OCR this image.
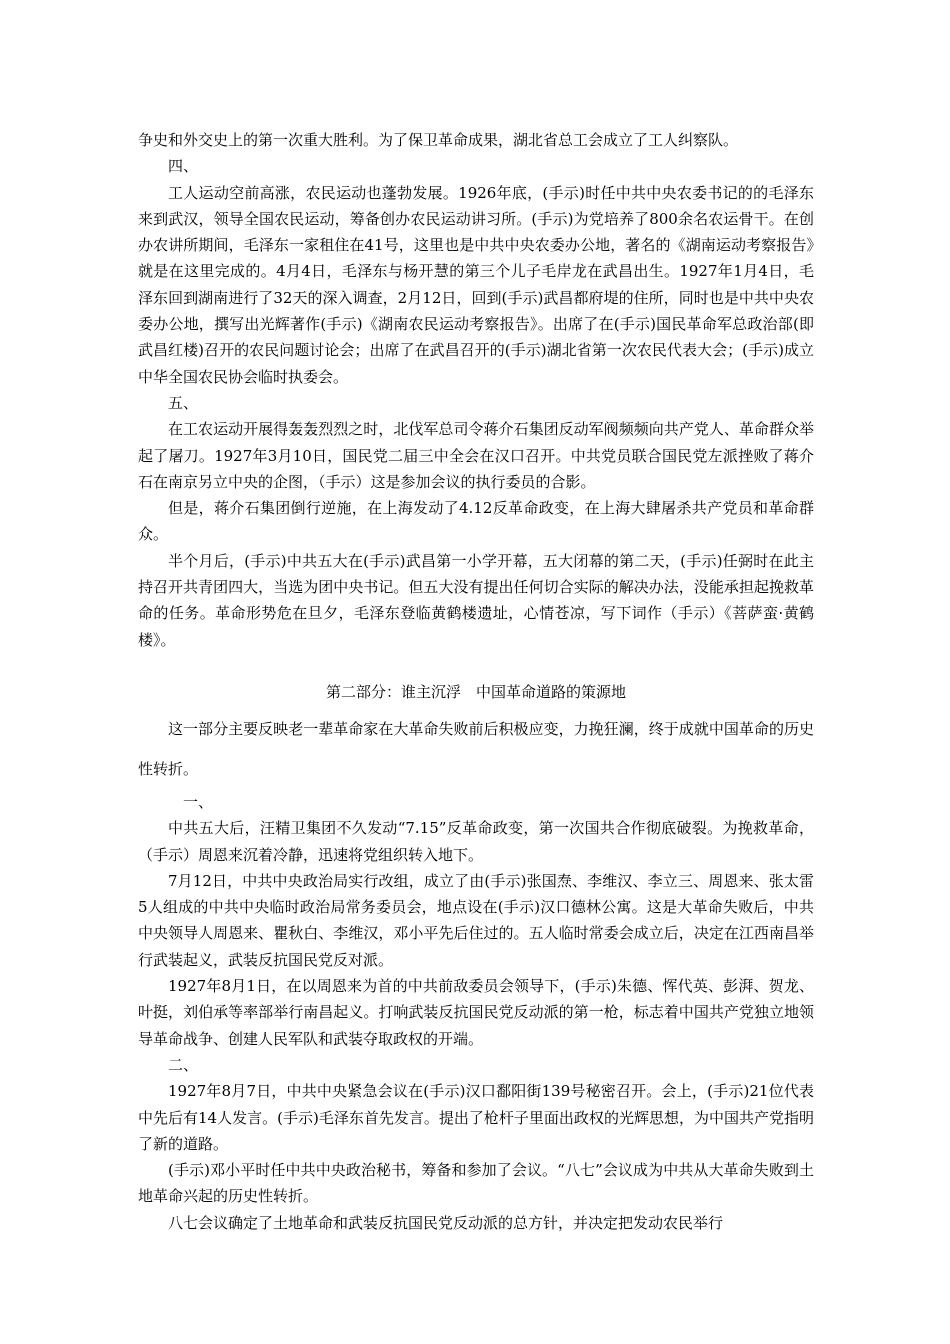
争史和外交史上的第一次重大胜利。为了保卫革命成果，湖北省总工会成立了工人纠察队。

四、

工人运动空前高涨，农民运动也蓬勃发展。1926年底，(手示)时任中共中央农委书记的的毛泽东来到武汉，领导全国农民运动，筹备创办农民运动讲习所。(手示)为党培养了800余名农运骨干。在创办农讲所期间，毛泽东一家租住在41号，这里也是中共中央农委办公地，著名的《湖南运动考察报告》就是在这里完成的。4月4日，毛泽东与杨开慧的第三个儿子毛岸龙在武昌出生。1927年1月4日，毛泽东回到湖南进行了32天的深入调查，2月12日，回到(手示)武昌都府堤的住所，同时也是中共中央农委办公地，撰写出光辉著作(手示)《湖南农民运动考察报告》。出席了在(手示)国民革命军总政治部(即武昌红楼)召开的农民问题讨论会；出席了在武昌召开的(手示)湖北省第一次农民代表大会；(手示)成立中华全国农民协会临时执委会。

五、

在工农运动开展得轰轰烈烈之时，北伐军总司令蒋介石集团反动军阀频频向共产党人、革命群众举起了屠刀。1927年3月10日，国民党二届三中全会在汉口召开。中共党员联合国民党左派挫败了蒋介石在南京另立中央的企图，（手示）这是参加会议的执行委员的合影。

但是，蒋介石集团倒行逆施，在上海发动了4.12反革命政变，在上海大肆屠杀共产党员和革命群众。

半个月后，(手示)中共五大在(手示)武昌第一小学开幕，五大闭幕的第二天，(手示)任弼时在此主持召开共青团四大，当选为团中央书记。但五大没有提出任何切合实际的解决办法，没能承担起挽救革命的任务。革命形势危在旦夕，毛泽东登临黄鹤楼遗址，心情苍凉，写下词作（手示）《菩萨蛮·黄鹤楼》。

第二部分：谁主沉浮　中国革命道路的策源地

这一部分主要反映老一辈革命家在大革命失败前后积极应变，力挽狂澜，终于成就中国革命的历史性转折。

一、

中共五大后，汪精卫集团不久发动“7.15”反革命政变，第一次国共合作彻底破裂。为挽救革命，（手示）周恩来沉着冷静，迅速将党组织转入地下。

7月12日，中共中央政治局实行改组，成立了由(手示)张国焘、李维汉、李立三、周恩来、张太雷5人组成的中共中央临时政治局常务委员会，地点设在(手示)汉口德林公寓。这是大革命失败后，中共中央领导人周恩来、瞿秋白、李维汉，邓小平先后住过的。五人临时常委会成立后，决定在江西南昌举行武装起义，武装反抗国民党反对派。

1927年8月1日，在以周恩来为首的中共前敌委员会领导下，(手示)朱德、恽代英、彭湃、贺龙、叶挺，刘伯承等率部举行南昌起义。打响武装反抗国民党反动派的第一枪，标志着中国共产党独立地领导革命战争、创建人民军队和武装夺取政权的开端。

二、

1927年8月7日，中共中央紧急会议在(手示)汉口鄱阳街139号秘密召开。会上，(手示)21位代表中先后有14人发言。(手示)毛泽东首先发言。提出了枪杆子里面出政权的光辉思想，为中国共产党指明了新的道路。

(手示)邓小平时任中共中央政治秘书，筹备和参加了会议。“八七”会议成为中共从大革命失败到土地革命兴起的历史性转折。

八七会议确定了土地革命和武装反抗国民党反动派的总方针，并决定把发动农民举行
